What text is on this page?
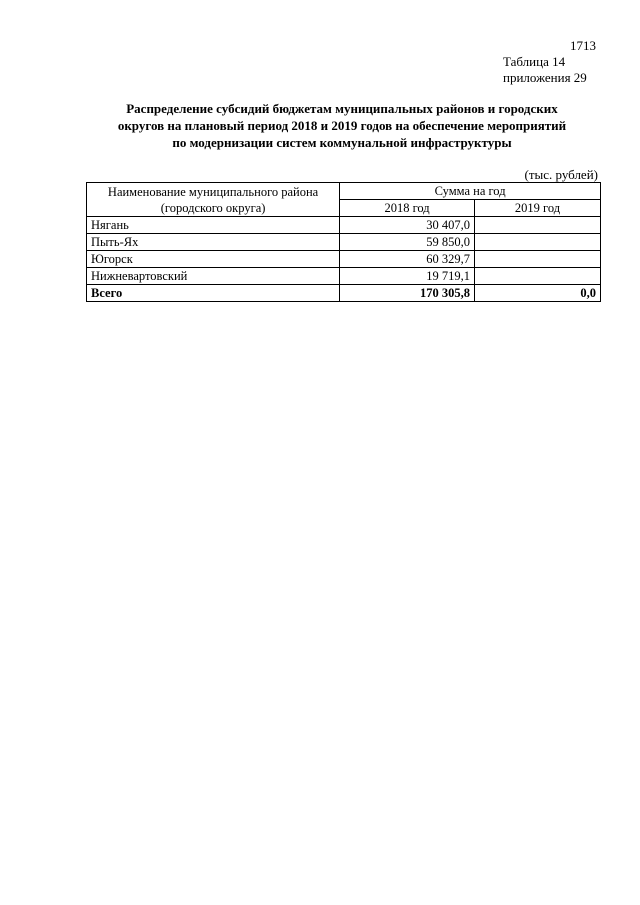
1713
Таблица 14
приложения 29
Распределение субсидий бюджетам муниципальных районов и городских
округов на плановый период 2018 и 2019 годов на обеспечение мероприятий
по модернизации систем коммунальной инфраструктуры
(тыс. рублей)
Наименование муниципального района
(городского округа)	Сумма на год	
	2018 год	2019 год
Нягань	30 407,0	
Пыть-Ях	59 850,0	
Югорск	60 329,7	
Нижневартовский	19 719,1	
Всего	170 305,8	0,0
